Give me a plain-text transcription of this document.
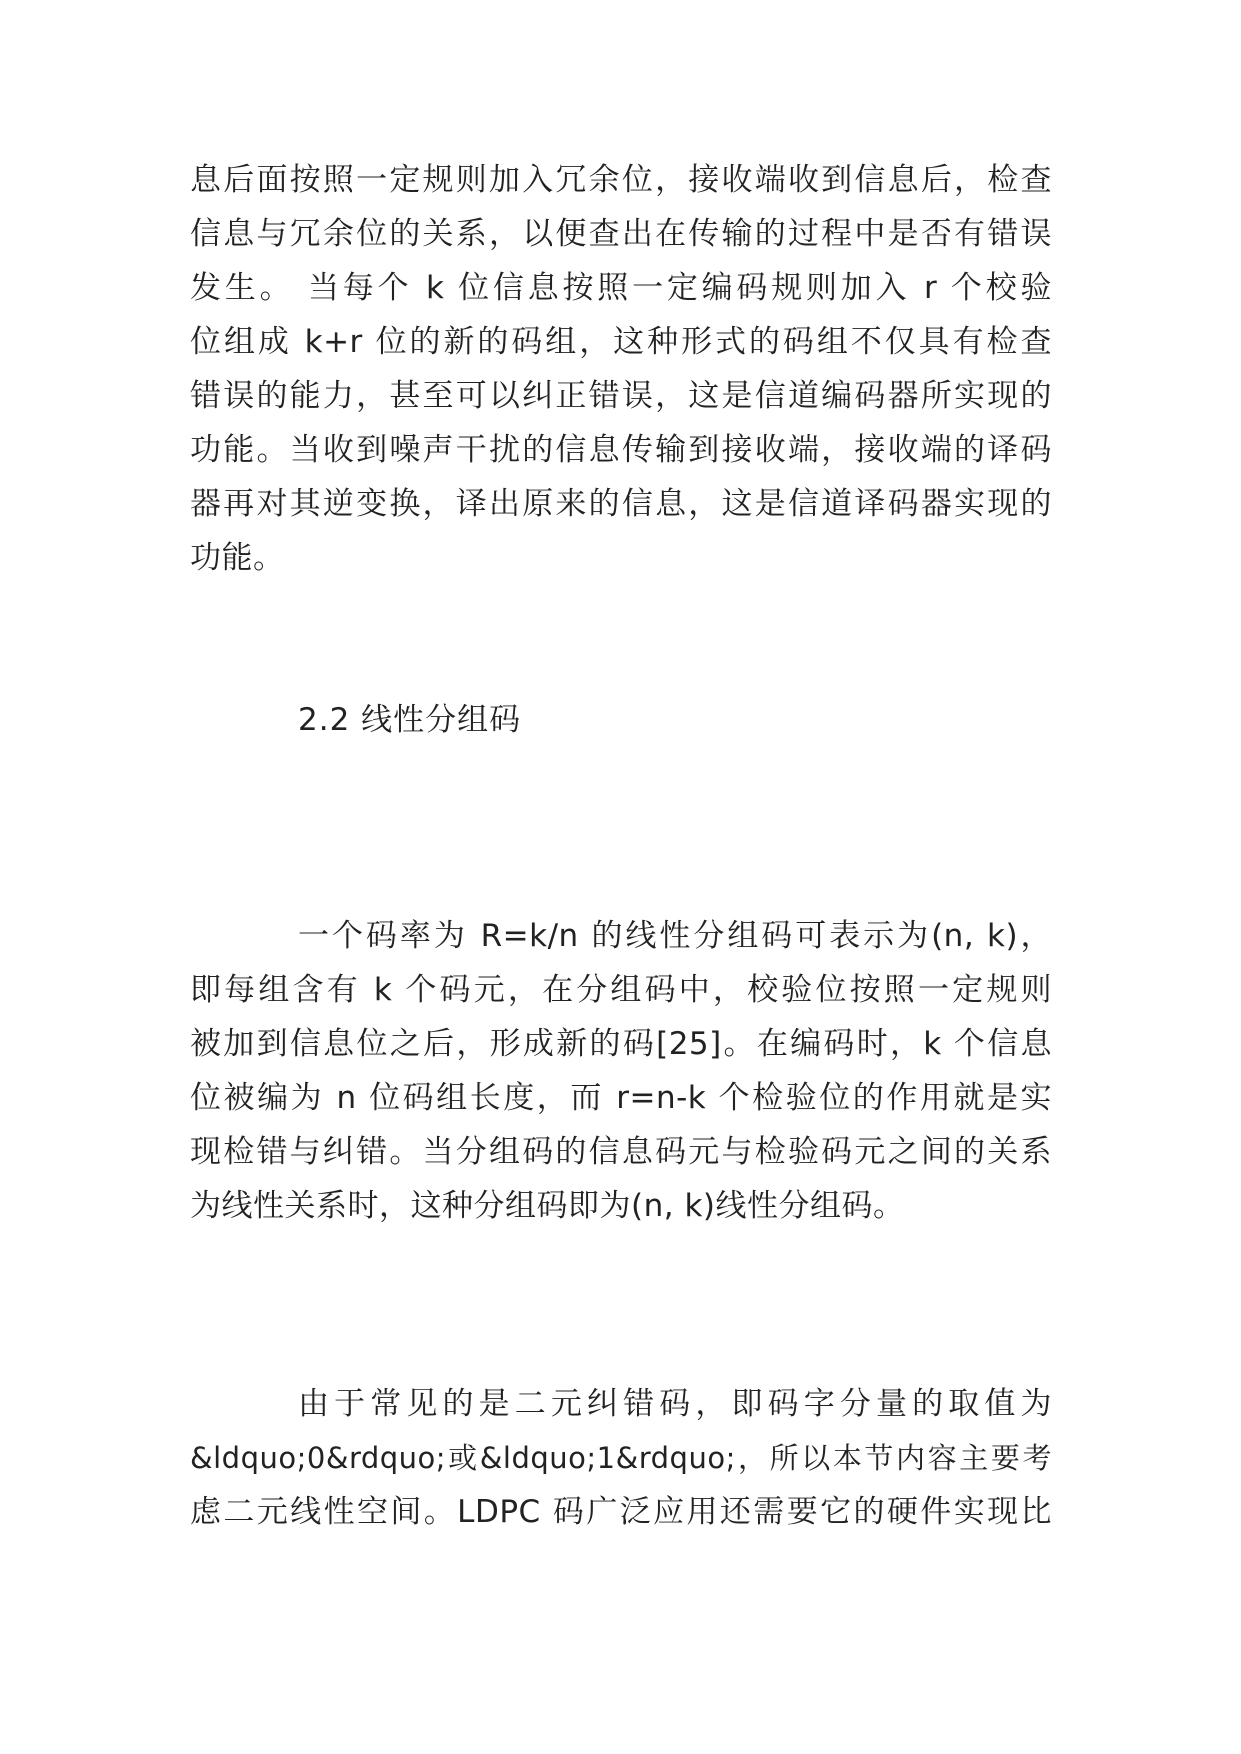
息后面按照一定规则加入冗余位，接收端收到信息后，检查
信息与冗余位的关系，以便查出在传输的过程中是否有错误
发生。 当每个 k 位信息按照一定编码规则加入 r 个校验
位组成 k+r 位的新的码组，这种形式的码组不仅具有检查
错误的能力，甚至可以纠正错误，这是信道编码器所实现的
功能。当收到噪声干扰的信息传输到接收端，接收端的译码
器再对其逆变换，译出原来的信息，这是信道译码器实现的
功能。
2.2 线性分组码
一个码率为 R=k/n 的线性分组码可表示为(n, k)，
即每组含有 k 个码元，在分组码中，校验位按照一定规则
被加到信息位之后，形成新的码[25]。在编码时，k 个信息
位被编为 n 位码组长度，而 r=n-k 个检验位的作用就是实
现检错与纠错。当分组码的信息码元与检验码元之间的关系
为线性关系时，这种分组码即为(n, k)线性分组码。
由于常见的是二元纠错码，即码字分量的取值为
&ldquo;0&rdquo;或&ldquo;1&rdquo;，所以本节内容主要考
虑二元线性空间。LDPC 码广泛应用还需要它的硬件实现比
